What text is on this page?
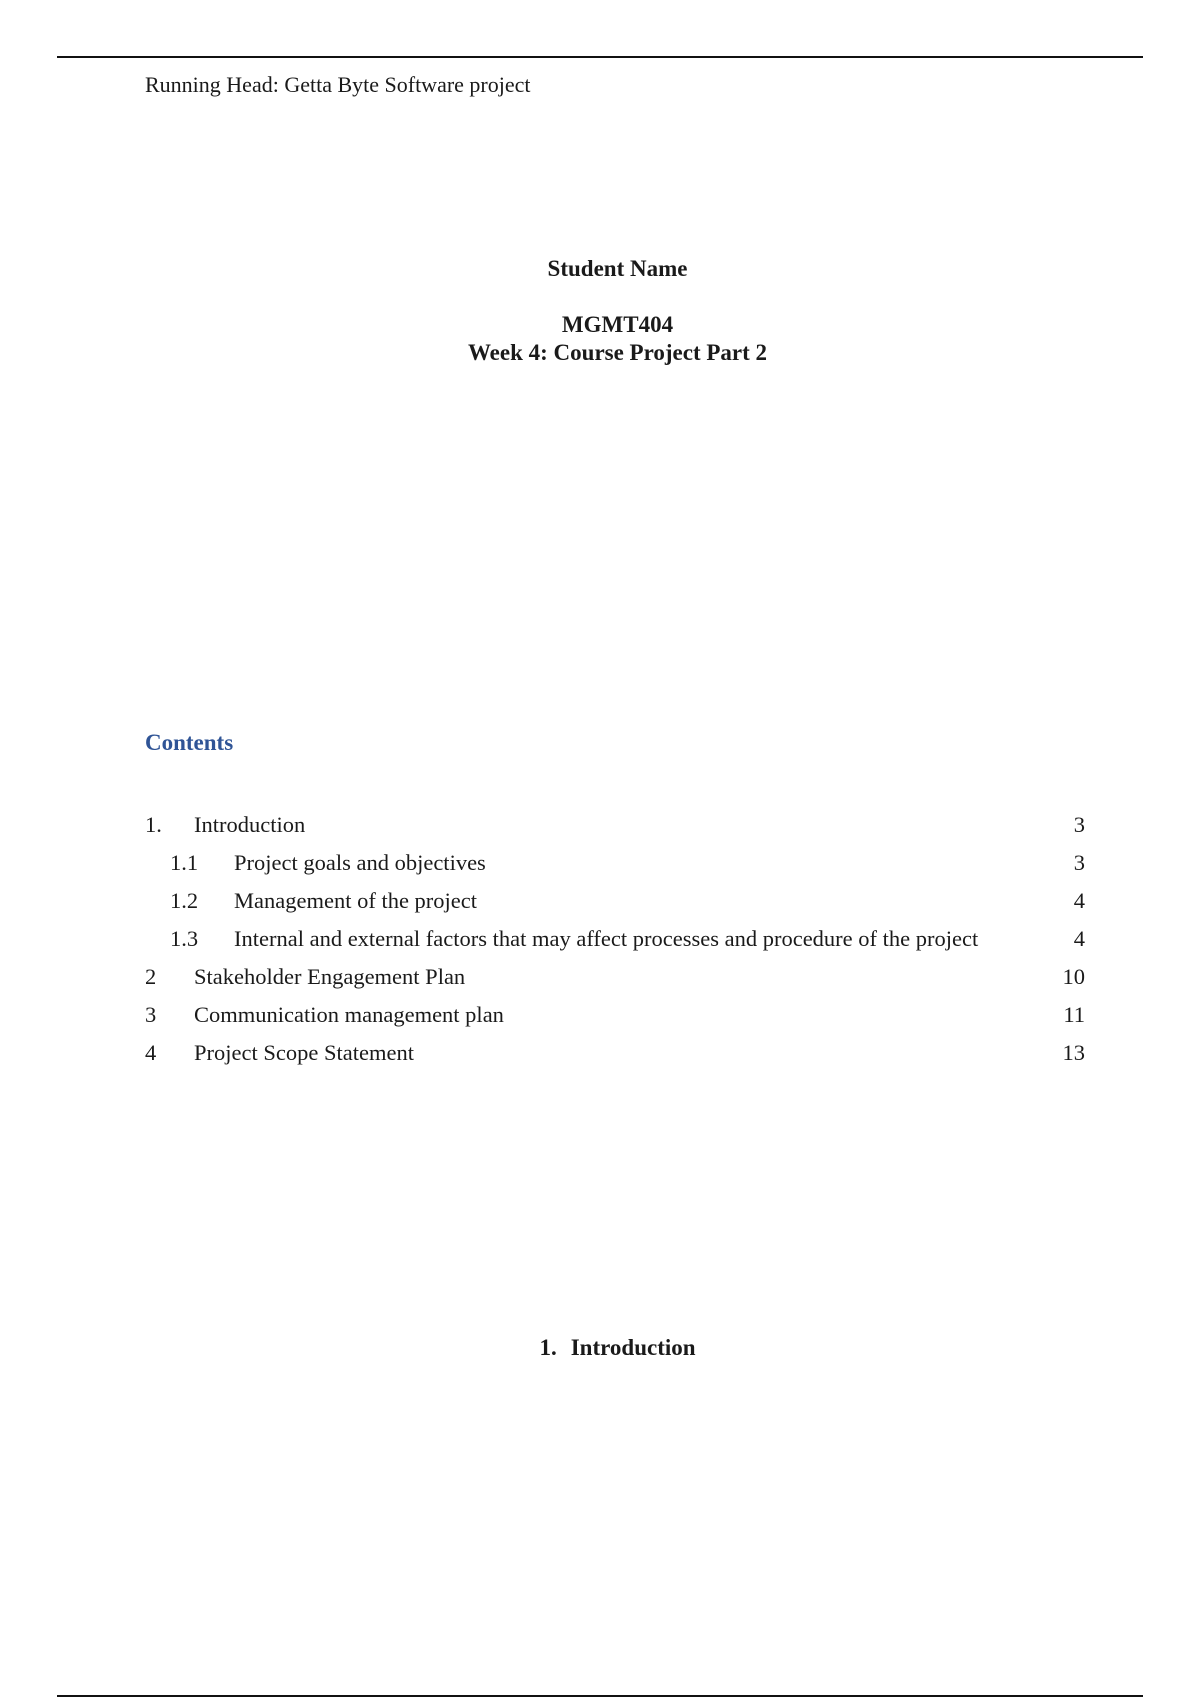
Running Head: Getta Byte Software project
Student Name
MGMT404
Week 4: Course Project Part 2
Contents
1. Introduction	3
1.1 Project goals and objectives	3
1.2 Management of the project	4
1.3 Internal and external factors that may affect processes and procedure of the project	4
2 Stakeholder Engagement Plan	10
3 Communication management plan	11
4 Project Scope Statement	13
1. Introduction
